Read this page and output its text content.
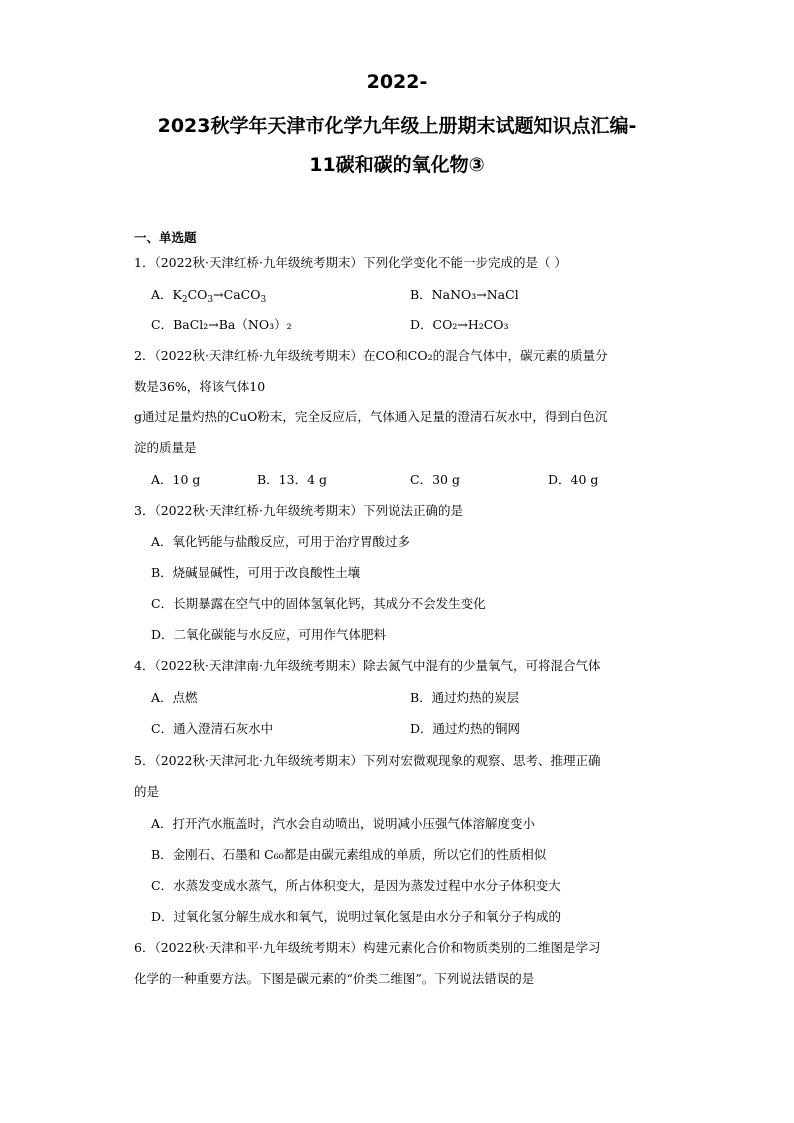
2022-
2023秋学年天津市化学九年级上册期末试题知识点汇编-
11碳和碳的氧化物③
一、单选题
1．（2022秋·天津红桥·九年级统考期末）下列化学变化不能一步完成的是（ ）
A．$K_2CO_3\to CaCO_3$	B．NaNO₃→NaCl
C．BaCl₂→Ba（NO₃）₂	D．CO₂→H₂CO₃
2．（2022秋·天津红桥·九年级统考期末）在CO和CO₂的混合气体中，碳元素的质量分
数是36%，将该气体10
g通过足量灼热的CuO粉末，完全反应后，气体通入足量的澄清石灰水中，得到白色沉
淀的质量是
A．10 g	B．13．4 g	C．30 g	D．40 g
3．（2022秋·天津红桥·九年级统考期末）下列说法正确的是
A．氧化钙能与盐酸反应，可用于治疗胃酸过多
B．烧碱显碱性，可用于改良酸性土壤
C．长期暴露在空气中的固体氢氧化钙，其成分不会发生变化
D．二氧化碳能与水反应，可用作气体肥料
4．（2022秋·天津津南·九年级统考期末）除去氮气中混有的少量氧气，可将混合气体
A．点燃	B．通过灼热的炭层
C．通入澄清石灰水中	D．通过灼热的铜网
5．（2022秋·天津河北·九年级统考期末）下列对宏微观现象的观察、思考、推理正确
的是
A．打开汽水瓶盖时，汽水会自动喷出，说明减小压强气体溶解度变小
B．金刚石、石墨和 C₆₀都是由碳元素组成的单质，所以它们的性质相似
C．水蒸发变成水蒸气，所占体积变大，是因为蒸发过程中水分子体积变大
D．过氧化氢分解生成水和氧气，说明过氧化氢是由水分子和氧分子构成的
6．（2022秋·天津和平·九年级统考期末）构建元素化合价和物质类别的二维图是学习
化学的一种重要方法。下图是碳元素的“价类二维图”。下列说法错误的是
